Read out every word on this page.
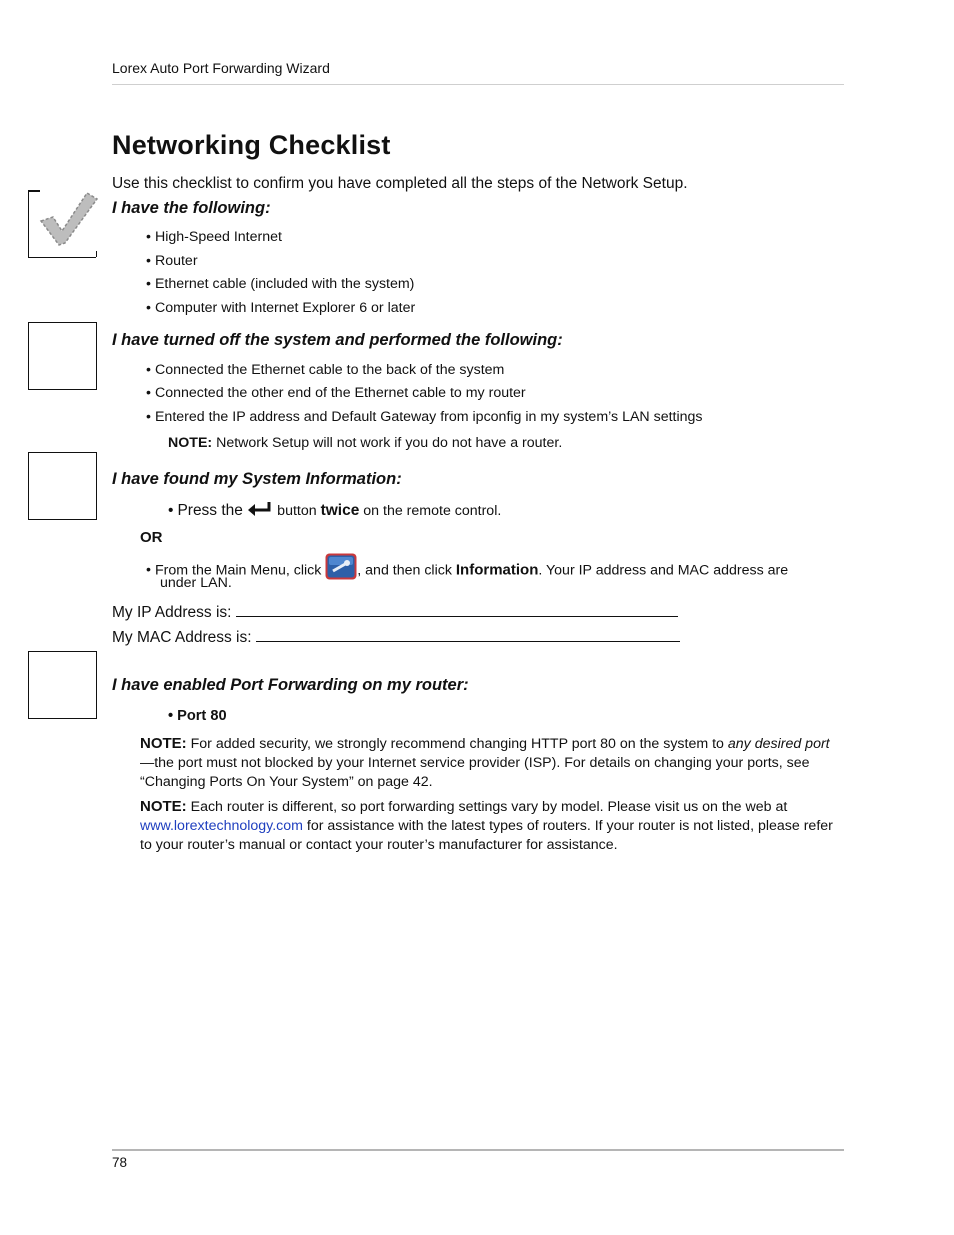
Lorex Auto Port Forwarding Wizard
Networking Checklist
Use this checklist to confirm you have completed all the steps of the Network Setup.
I have the following:
• High-Speed Internet
• Router
• Ethernet cable (included with the system)
• Computer with Internet Explorer 6 or later
I have turned off the system and performed the following:
• Connected the Ethernet cable to the back of the system
• Connected the other end of the Ethernet cable to my router
• Entered the IP address and Default Gateway from ipconfig in my system’s LAN settings
NOTE: Network Setup will not work if you do not have a router.
I have found my System Information:
• Press the  button twice on the remote control.
OR
• From the Main Menu, click	, and then click Information. Your IP address and MAC address are
under LAN.
My IP Address is:
My MAC Address is:
I have enabled Port Forwarding on my router:
• Port 80
NOTE: For added security, we strongly recommend changing HTTP port 80 on the system to any desired port—the port must not blocked by your Internet service provider (ISP). For details on changing your ports, see “Changing Ports On Your System” on page 42.
NOTE: Each router is different, so port forwarding settings vary by model. Please visit us on the web at www.lorextechnology.com for assistance with the latest types of routers. If your router is not listed, please refer to your router’s manual or contact your router’s manufacturer for assistance.
78
